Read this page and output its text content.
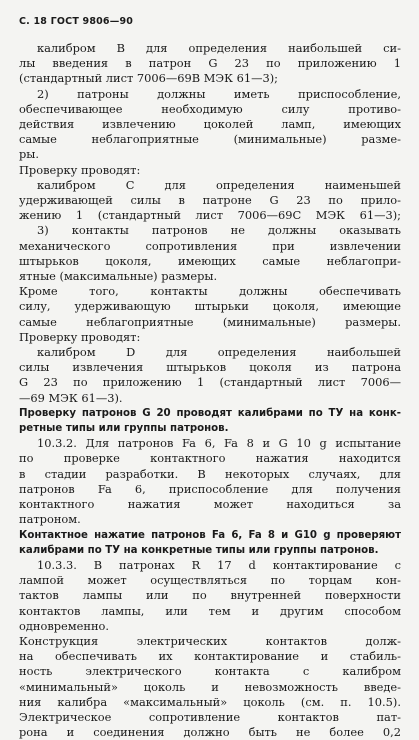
С. 18 ГОСТ 9806—90
калибром В для определения наибольшей си-
лы введения в патрон G 23 по приложению 1
(стандартный лист 7006—69В МЭК 61—3);
2) патроны должны иметь приспособление,
обеспечивающее необходимую силу противо-
действия извлечению цоколей ламп, имеющих
самые неблагоприятные (минимальные) разме-
ры.
Проверку проводят:
калибром С для определения наименьшей
удерживающей силы в патроне G 23 по прило-
жению 1 (стандартный лист 7006—69С МЭК 61—3);
3) контакты патронов не должны оказывать
механического сопротивления при извлечении
штырьков цоколя, имеющих самые неблагопри-
ятные (максимальные) размеры.
Кроме того, контакты должны обеспечивать
силу, удерживающую штырьки цоколя, имеющие
самые неблагоприятные (минимальные) размеры.
Проверку проводят:
калибром D для определения наибольшей
силы извлечения штырьков цоколя из патрона
G 23 по приложению 1 (стандартный лист 7006—
—69 МЭК 61—3).
Проверку патронов G 20 проводят калибрами по ТУ на конк-
ретные типы или группы патронов.
10.3.2. Для патронов Fa 6, Fa 8 и G 10 g испытание
по проверке контактного нажатия находится
в стадии разработки. В некоторых случаях, для
патронов Fa 6, приспособление для получения
контактного нажатия может находиться за
патроном.
Контактное нажатие патронов Fa 6, Fa 8 и G10 g проверяют
калибрами по ТУ на конкретные типы или группы патронов.
10.3.3. В патронах R 17 d контактирование с
лампой может осуществляться по торцам кон-
тактов лампы или по внутренней поверхности
контактов лампы, или тем и другим способом
одновременно.
Конструкция электрических контактов долж-
на обеспечивать их контактирование и стабиль-
ность электрического контакта с калибром
«минимальный» цоколь и невозможность введе-
ния калибра «максимальный» цоколь (см. п. 10.5).
Электрическое сопротивление контактов пат-
рона и соединения должно быть не более 0,2
